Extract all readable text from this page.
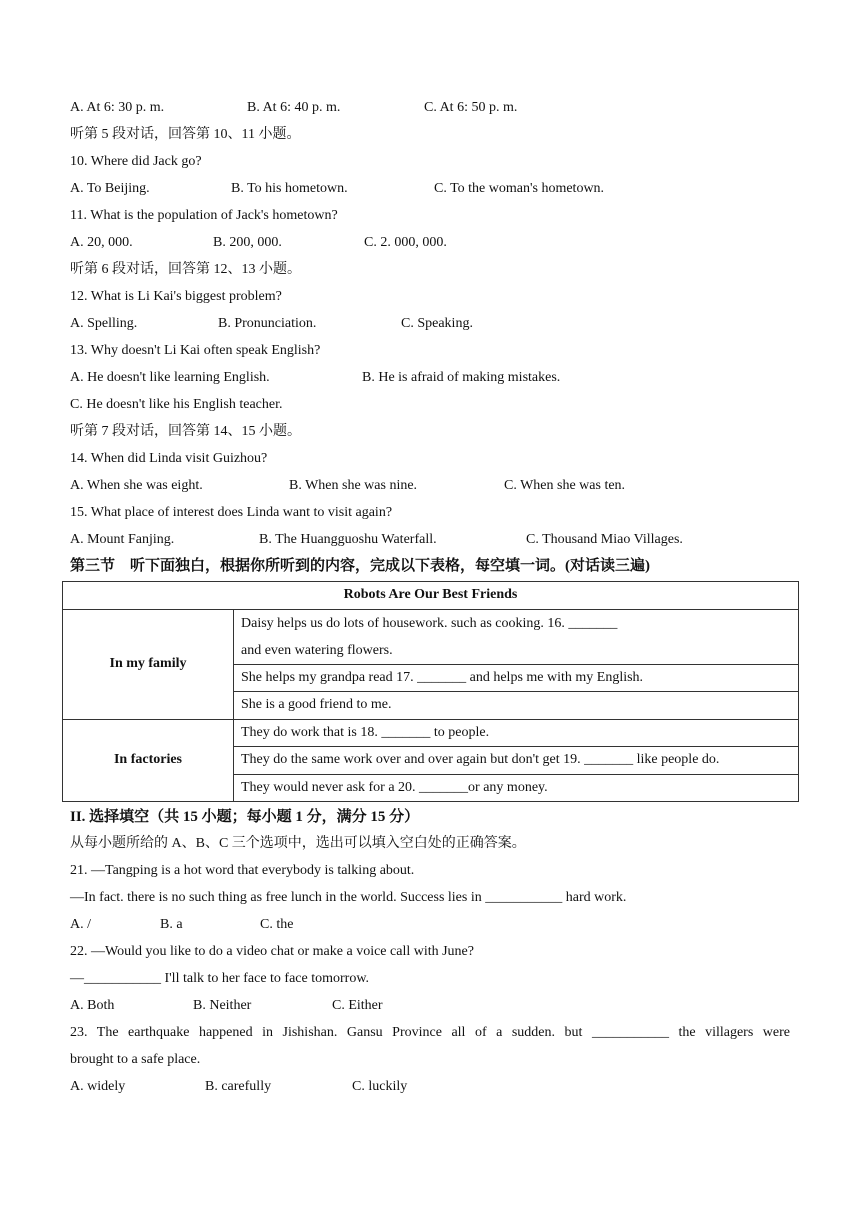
A. At 6: 30 p. m.	B. At 6: 40 p. m.	C. At 6: 50 p. m.
听第 5 段对话，回答第 10、11 小题。
10. Where did Jack go?
A. To Beijing.	B. To his hometown.	C. To the woman's hometown.
11. What is the population of Jack's hometown?
A. 20, 000.	B. 200, 000.	C. 2. 000, 000.
听第 6 段对话，回答第 12、13 小题。
12. What is Li Kai's biggest problem?
A. Spelling.	B. Pronunciation.	C. Speaking.
13. Why doesn't Li Kai often speak English?
A. He doesn't like learning English.	B. He is afraid of making mistakes.
C. He doesn't like his English teacher.
听第 7 段对话，回答第 14、15 小题。
14. When did Linda visit Guizhou?
A. When she was eight.	B. When she was nine.	C. When she was ten.
15. What place of interest does Linda want to visit again?
A. Mount Fanjing.	B. The Huangguoshu Waterfall.	C. Thousand Miao Villages.
第三节　听下面独白，根据你所听到的内容，完成以下表格，每空填一词。(对话读三遍)
Robots Are Our Best Friends	
In my family	Daisy helps us do lots of housework. such as cooking. 16. _______
and even watering flowers.
	She helps my grandpa read 17. _______ and helps me with my English.
	She is a good friend to me.
In factories	They do work that is 18. _______ to people.
	They do the same work over and over again but don't get 19. _______ like people do.
	They would never ask for a 20. _______or any money.
II. 选择填空（共 15 小题；每小题 1 分，满分 15 分）
从每小题所给的 A、B、C 三个选项中，选出可以填入空白处的正确答案。
21. —Tangping is a hot word that everybody is talking about.
—In fact. there is no such thing as free lunch in the world. Success lies in ___________ hard work.
A. /	B. a	C. the
22. —Would you like to do a video chat or make a voice call with June?
—___________ I'll talk to her face to face tomorrow.
A. Both	B. Neither	C. Either
23. The earthquake happened in Jishishan. Gansu Province all of a sudden. but ___________ the villagers were
brought to a safe place.
A. widely	B. carefully	C. luckily
